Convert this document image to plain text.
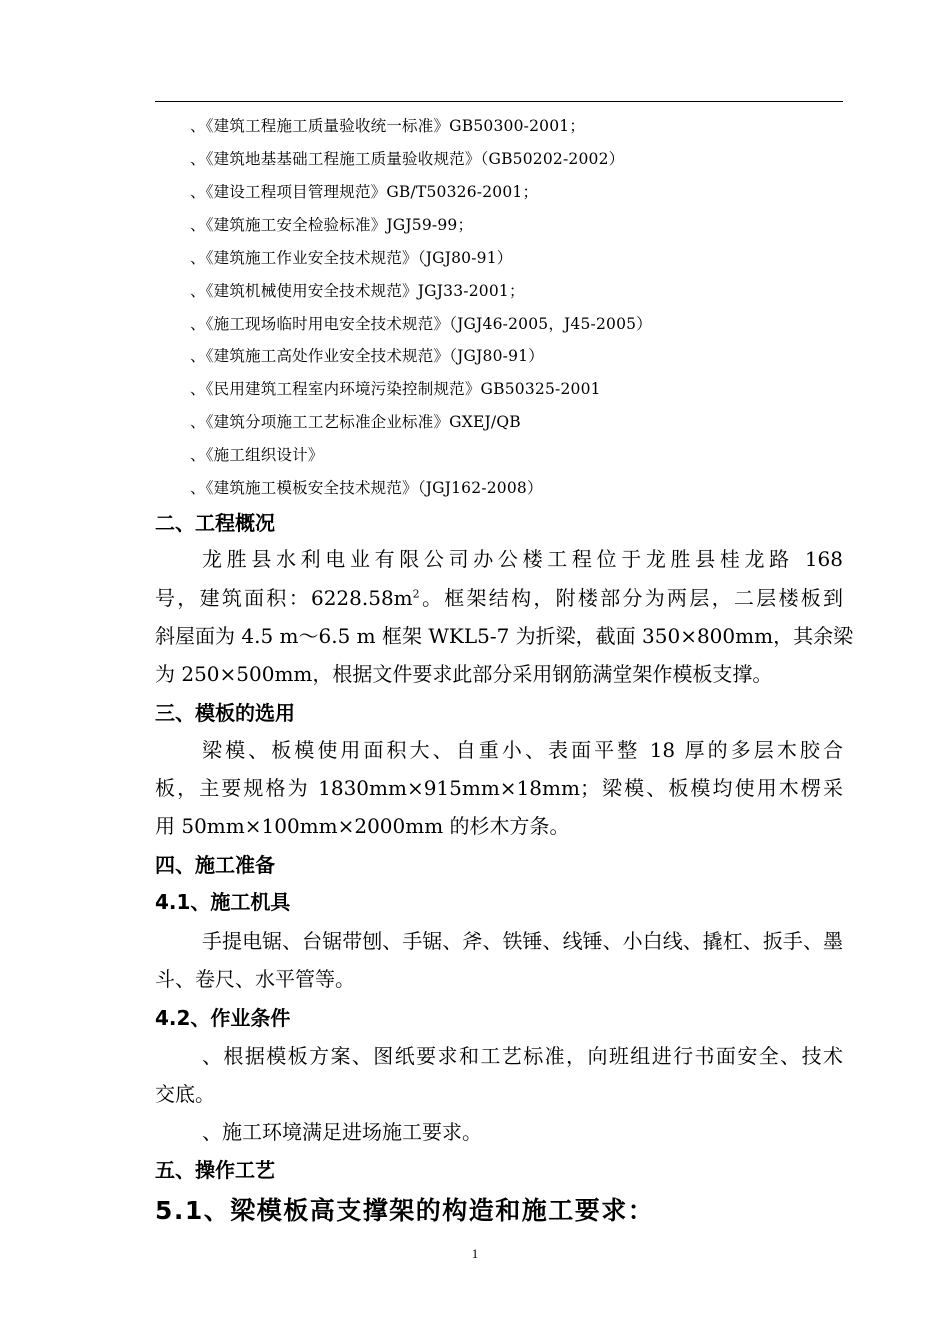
、《建筑工程施工质量验收统一标准》GB50300-2001；
、《建筑地基基础工程施工质量验收规范》（GB50202-2002）
、《建设工程项目管理规范》GB/T50326-2001；
、《建筑施工安全检验标准》JGJ59-99；
、《建筑施工作业安全技术规范》（JGJ80-91）
、《建筑机械使用安全技术规范》JGJ33-2001；
、《施工现场临时用电安全技术规范》（JGJ46-2005，J45-2005）
、《建筑施工高处作业安全技术规范》（JGJ80-91）
、《民用建筑工程室内环境污染控制规范》GB50325-2001
、《建筑分项施工工艺标准企业标准》GXEJ/QB
、《施工组织设计》
、《建筑施工模板安全技术规范》（JGJ162-2008）
二、工程概况
龙胜县水利电业有限公司办公楼工程位于龙胜县桂龙路 168
号，建筑面积：$6228.58m^2$。框架结构，附楼部分为两层，二层楼板到
斜屋面为 4.5 m～6.5 m 框架 WKL5-7 为折梁，截面 350×800mm，其余梁
为 250×500mm，根据文件要求此部分采用钢筋满堂架作模板支撑。
三、模板的选用
梁模、板模使用面积大、自重小、表面平整 18 厚的多层木胶合
板，主要规格为 1830mm×915mm×18mm；梁模、板模均使用木楞采
用 50mm×100mm×2000mm 的杉木方条。
四、施工准备
4.1、施工机具
手提电锯、台锯带刨、手锯、斧、铁锤、线锤、小白线、撬杠、扳手、墨
斗、卷尺、水平管等。
4.2、作业条件
、根据模板方案、图纸要求和工艺标准，向班组进行书面安全、技术
交底。
、施工环境满足进场施工要求。
五、操作工艺
5.1、梁模板高支撑架的构造和施工要求：
1
